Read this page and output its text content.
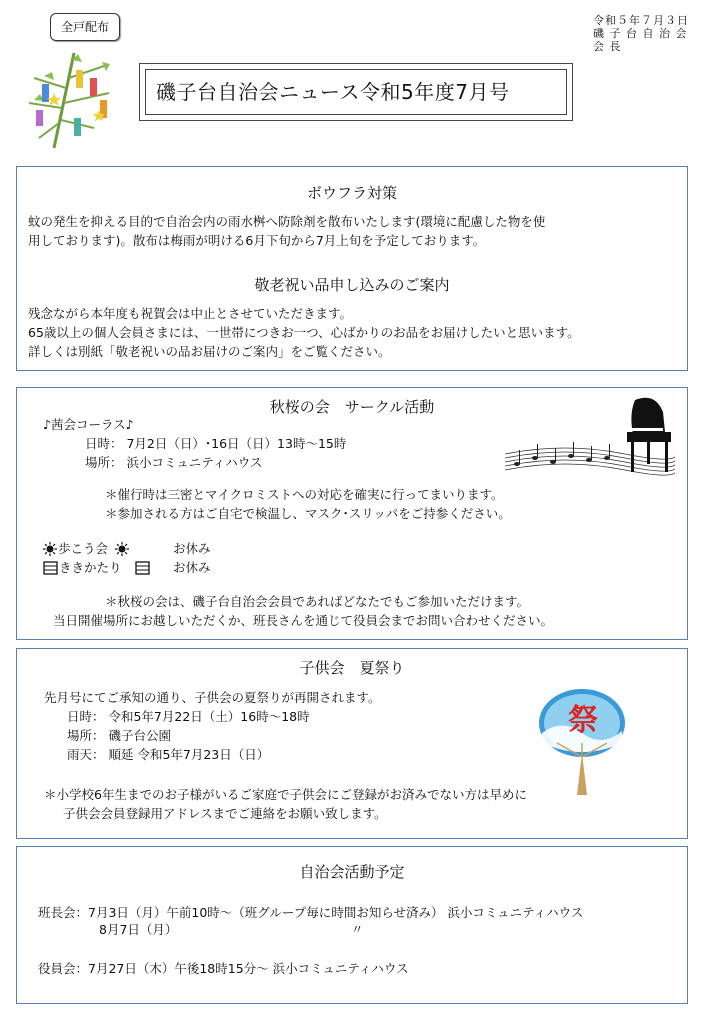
全戸配布	令和５年７月３日
磯 子 台 自 治 会
会 長
磯子台自治会ニュース令和5年度7月号
ボウフラ対策
蚊の発生を抑える目的で自治会内の雨水桝へ防除剤を散布いたします(環境に配慮した物を使
用しております)。散布は梅雨が明ける6月下旬から7月上旬を予定しております。
敬老祝い品申し込みのご案内
残念ながら本年度も祝賀会は中止とさせていただきます。
65歳以上の個人会員さまには、一世帯につきお一つ、心ばかりのお品をお届けしたいと思います。
詳しくは別紙「敬老祝いの品お届けのご案内」をご覧ください。
秋桜の会　サークル活動
♪茜会コーラス♪
日時： 7月2日（日）･16日（日）13時～15時
場所： 浜小コミュニティハウス
＊催行時は三密とマイクロミストへの対応を確実に行ってまいります。
＊参加される方はご自宅で検温し、マスク･スリッパをご持参ください。
歩こう会	お休み
ききかたり	お休み
＊秋桜の会は、磯子台自治会会員であればどなたでもご参加いただけます。
当日開催場所にお越しいただくか、班長さんを通じて役員会までお問い合わせください。
子供会　夏祭り
先月号にてご承知の通り、子供会の夏祭りが再開されます。
日時： 令和5年7月22日（土）16時～18時
場所： 磯子台公園
雨天： 順延 令和5年7月23日（日）
祭
＊小学校6年生までのお子様がいるご家庭で子供会にご登録がお済みでない方は早めに
子供会会員登録用アドレスまでご連絡をお願い致します。
自治会活動予定
班長会：7月3日（月）午前10時～（班グループ毎に時間お知らせ済み） 浜小コミュニティハウス
8月7日（月）	〃
役員会：7月27日（木）午後18時15分～ 浜小コミュニティハウス
